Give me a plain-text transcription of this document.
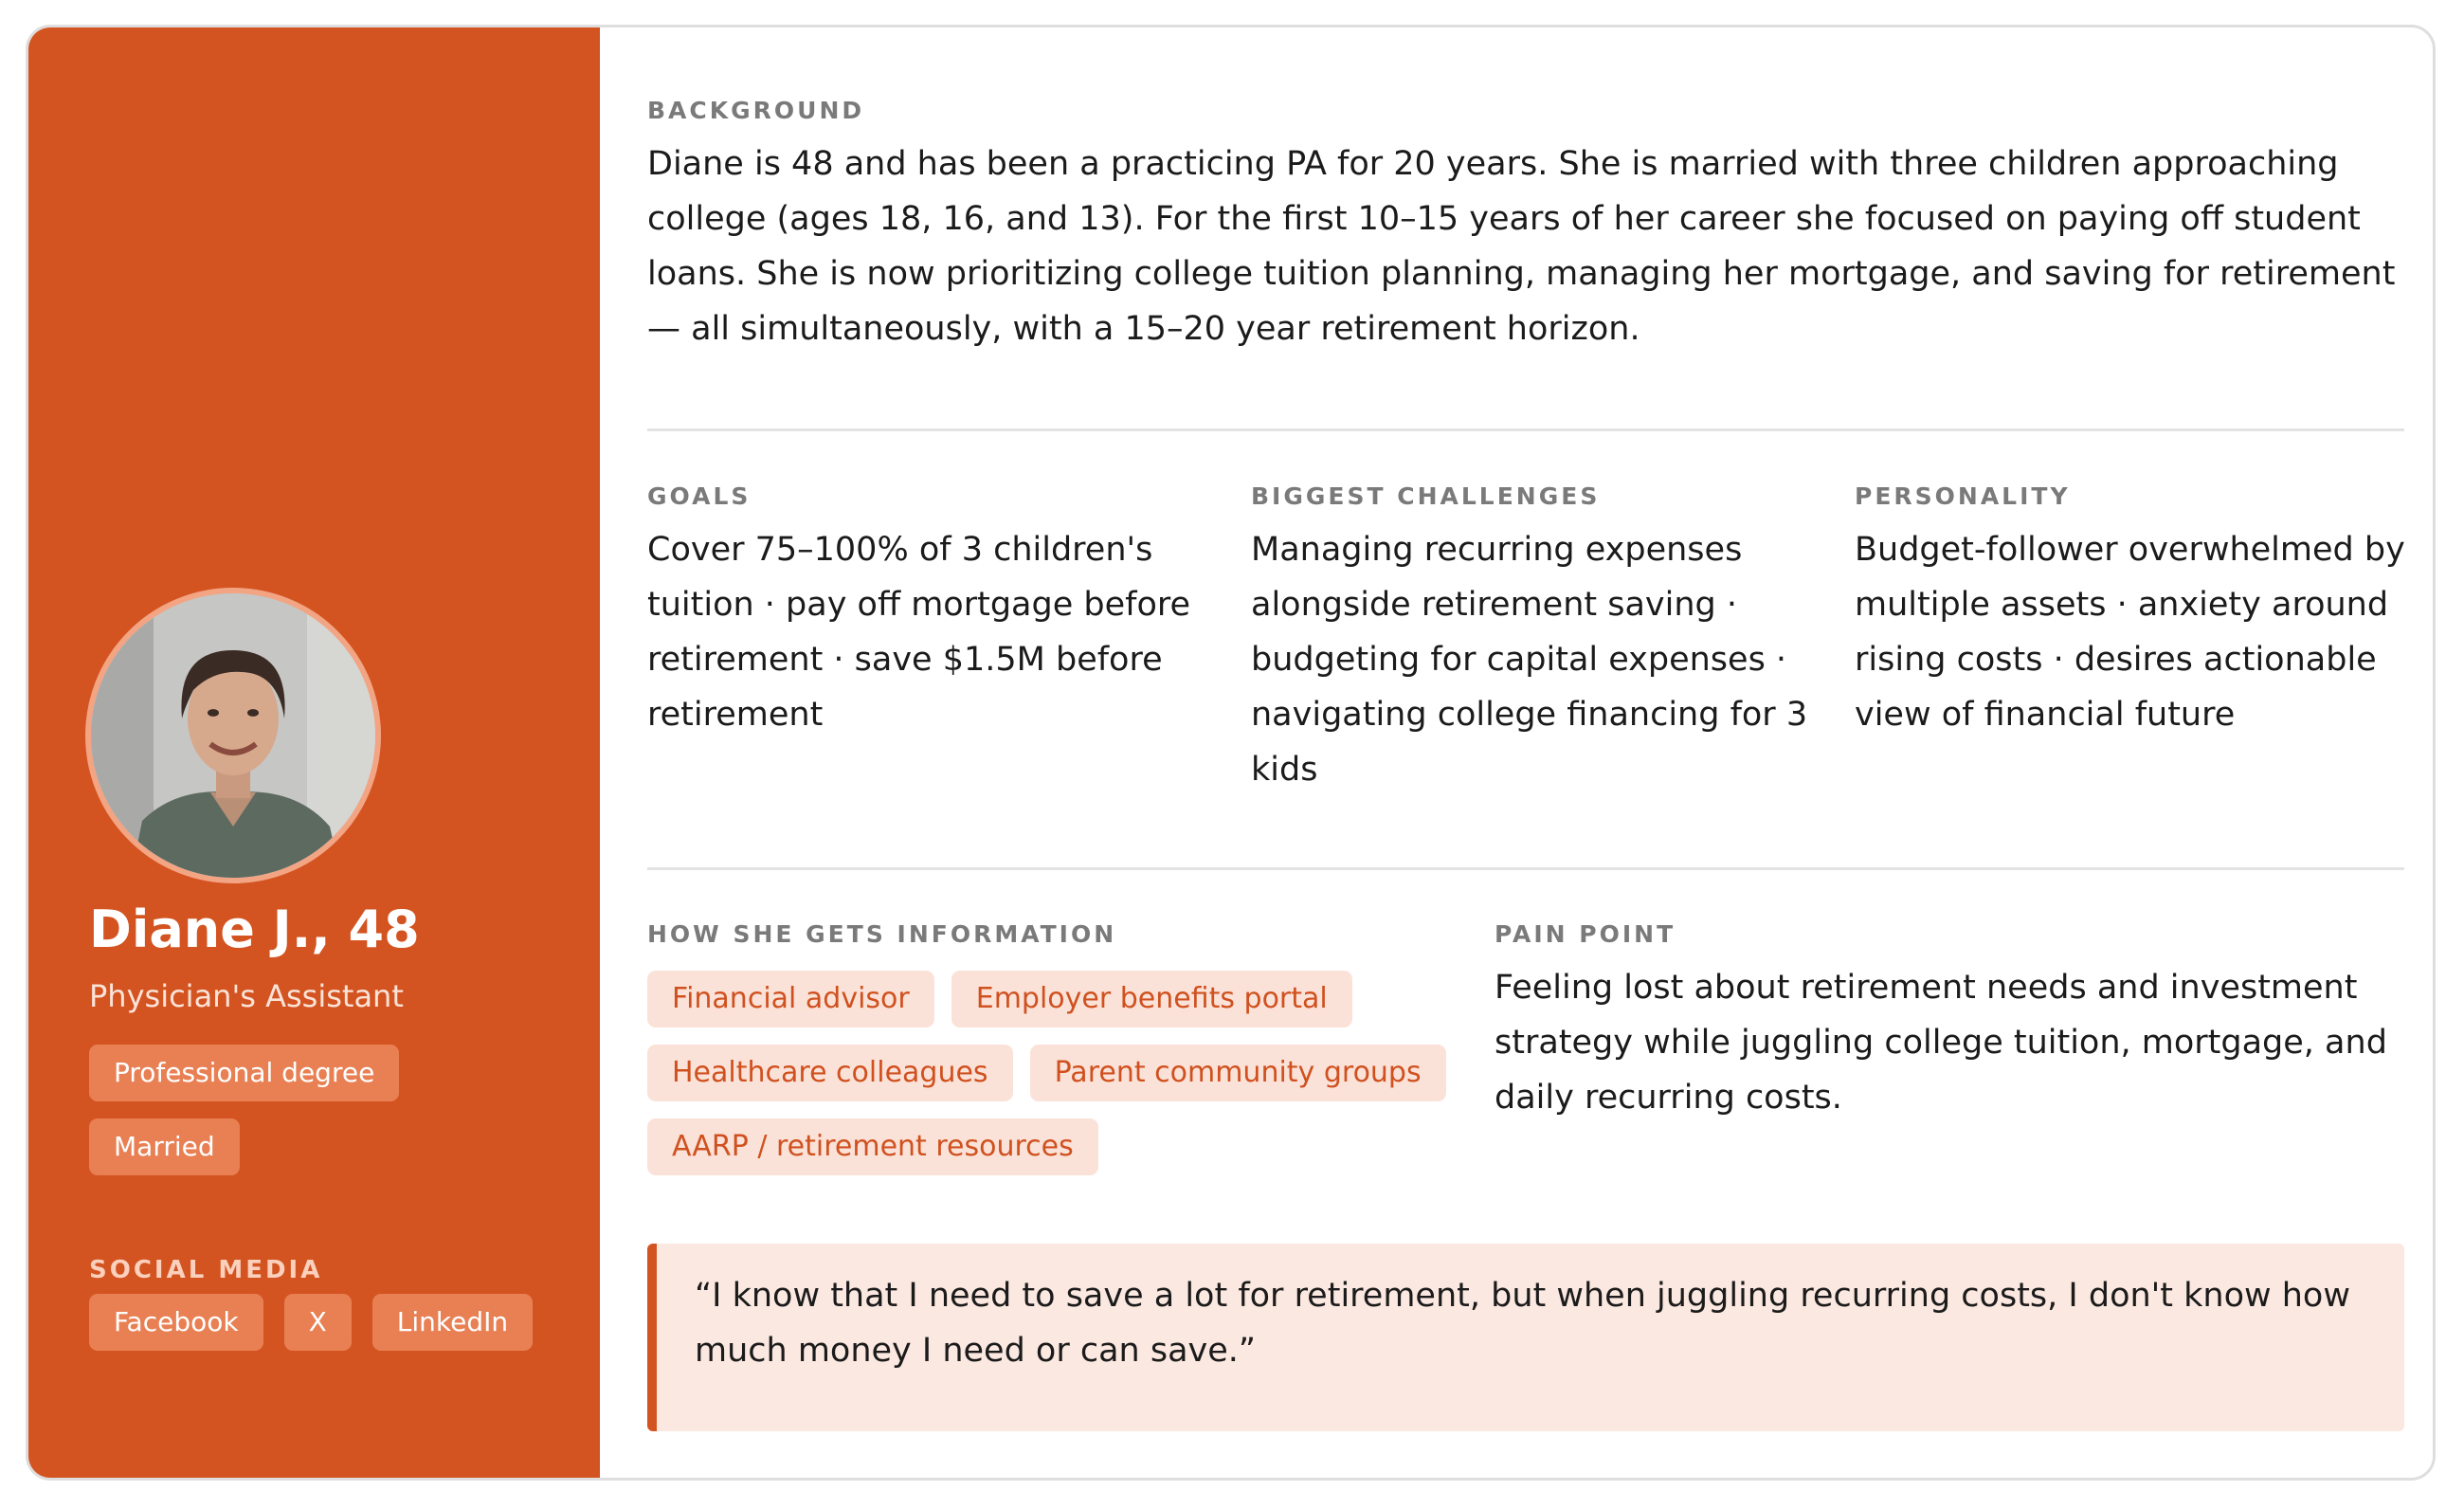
Diane J., 48
Physician's Assistant
Professional degree
Married
SOCIAL MEDIA
Facebook	X	LinkedIn
BACKGROUND
Diane is 48 and has been a practicing PA for 20 years. She is married with three children approaching college (ages 18, 16, and 13). For the first 10–15 years of her career she focused on paying off student loans. She is now prioritizing college tuition planning, managing her mortgage, and saving for retirement — all simultaneously, with a 15–20 year retirement horizon.
GOALS
Cover 75–100% of 3 children's tuition · pay off mortgage before retirement · save $1.5M before retirement
BIGGEST CHALLENGES
Managing recurring expenses alongside retirement saving · budgeting for capital expenses · navigating college financing for 3 kids
PERSONALITY
Budget-follower overwhelmed by multiple assets · anxiety around rising costs · desires actionable view of financial future
HOW SHE GETS INFORMATION
Financial advisor	Employer benefits portal
Healthcare colleagues	Parent community groups
AARP / retirement resources
PAIN POINT
Feeling lost about retirement needs and investment strategy while juggling college tuition, mortgage, and daily recurring costs.
“I know that I need to save a lot for retirement, but when juggling recurring costs, I don't know how much money I need or can save.”
